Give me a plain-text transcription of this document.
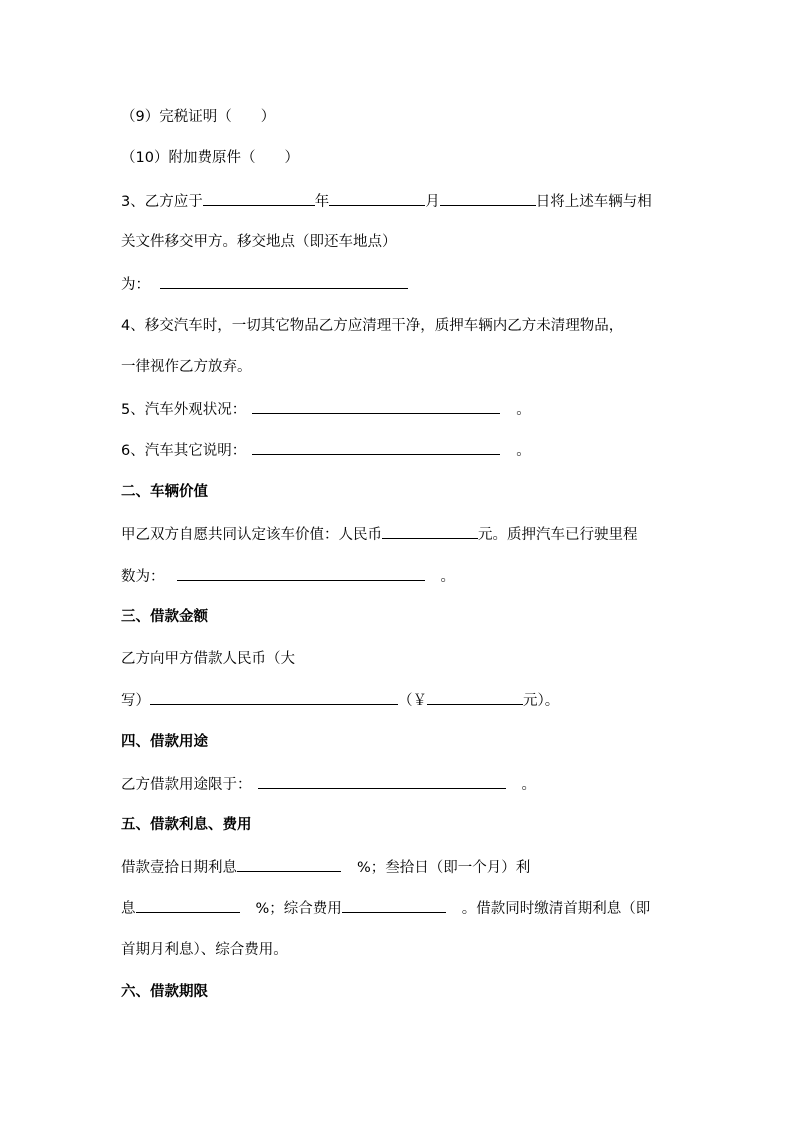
（9）完税证明（　　）
（10）附加费原件（　　）
3、乙方应于	年	月	日将上述车辆与相
关文件移交甲方。移交地点（即还车地点）
为：
4、移交汽车时，一切其它物品乙方应清理干净，质押车辆内乙方未清理物品，
一律视作乙方放弃。
5、汽车外观状况：	。
6、汽车其它说明：	。
二、车辆价值
甲乙双方自愿共同认定该车价值：人民币	元。质押汽车已行驶里程
数为：	。
三、借款金额
乙方向甲方借款人民币（大
写）	（￥	元）。
四、借款用途
乙方借款用途限于：	。
五、借款利息、费用
借款壹拾日期利息	%；叁拾日（即一个月）利
息	%；综合费用	。借款同时缴清首期利息（即
首期月利息）、综合费用。
六、借款期限
